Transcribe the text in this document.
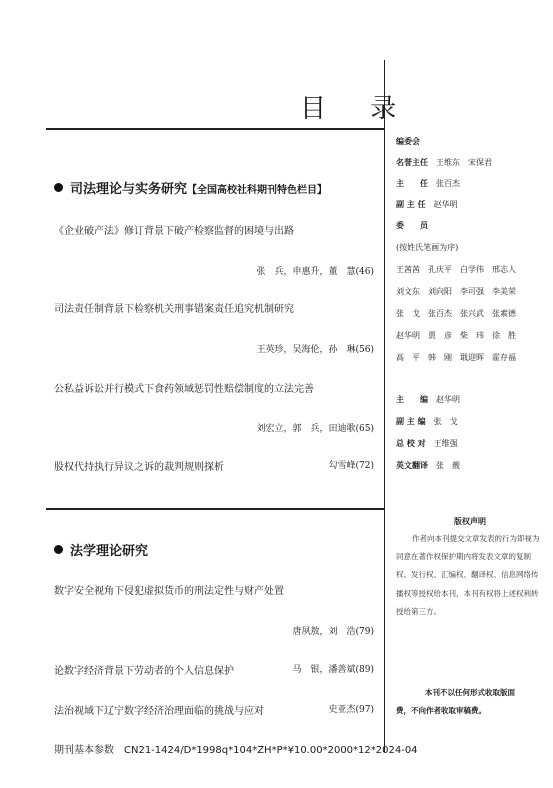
目 录
司法理论与实务研究【全国高校社科期刊特色栏目】
《企业破产法》修订背景下破产检察监督的困境与出路
张　兵，申惠升，董　慧(46)
司法责任制背景下检察机关刑事错案责任追究机制研究
王英珍，吴海伦，孙　琳(56)
公私益诉讼并行模式下食药领域惩罚性赔偿制度的立法完善
刘宏立，郭　兵，田迪歌(65)
股权代持执行异议之诉的裁判规则探析	勾雪峰(72)
法学理论研究
数字安全视角下侵犯虚拟货币的刑法定性与财产处置
唐夙敖，刘　浩(79)
论数字经济背景下劳动者的个人信息保护	马　银，潘善斌(89)
法治视域下辽宁数字经济治理面临的挑战与应对	史亚杰(97)
编委会
名誉主任　 王维东　宋保君
主　　任　 张百杰
副 主 任　 赵华明
委　　员
(按姓氏笔画为序)
王茜茜　孔庆平　白学伟　邢志人
刘文东　刘向阳　李可强　李美荣
张　戈　张百杰　张兴武　张素德
赵华明　贾　彦　柴　玮　徐　胜
高　平　韩　刚　戢迎晖　霍存福
主　　编　 赵华明
副 主 编　 张　戈
总 校 对　 王维强
英文翻译　 张　靓
版权声明
作者向本刊提交文章发表的行为即视为同意在著作权保护期内将发表文章的复制权、发行权、汇编权、翻译权、信息网络传播权等授权给本刊，本刊有权将上述权利转授给第三方。
本刊不以任何形式收取版面
费，不向作者收取审稿费。
期刊基本参数　CN21-1424/D*1998q*104*ZH*P*¥10.00*2000*12*2024-04
